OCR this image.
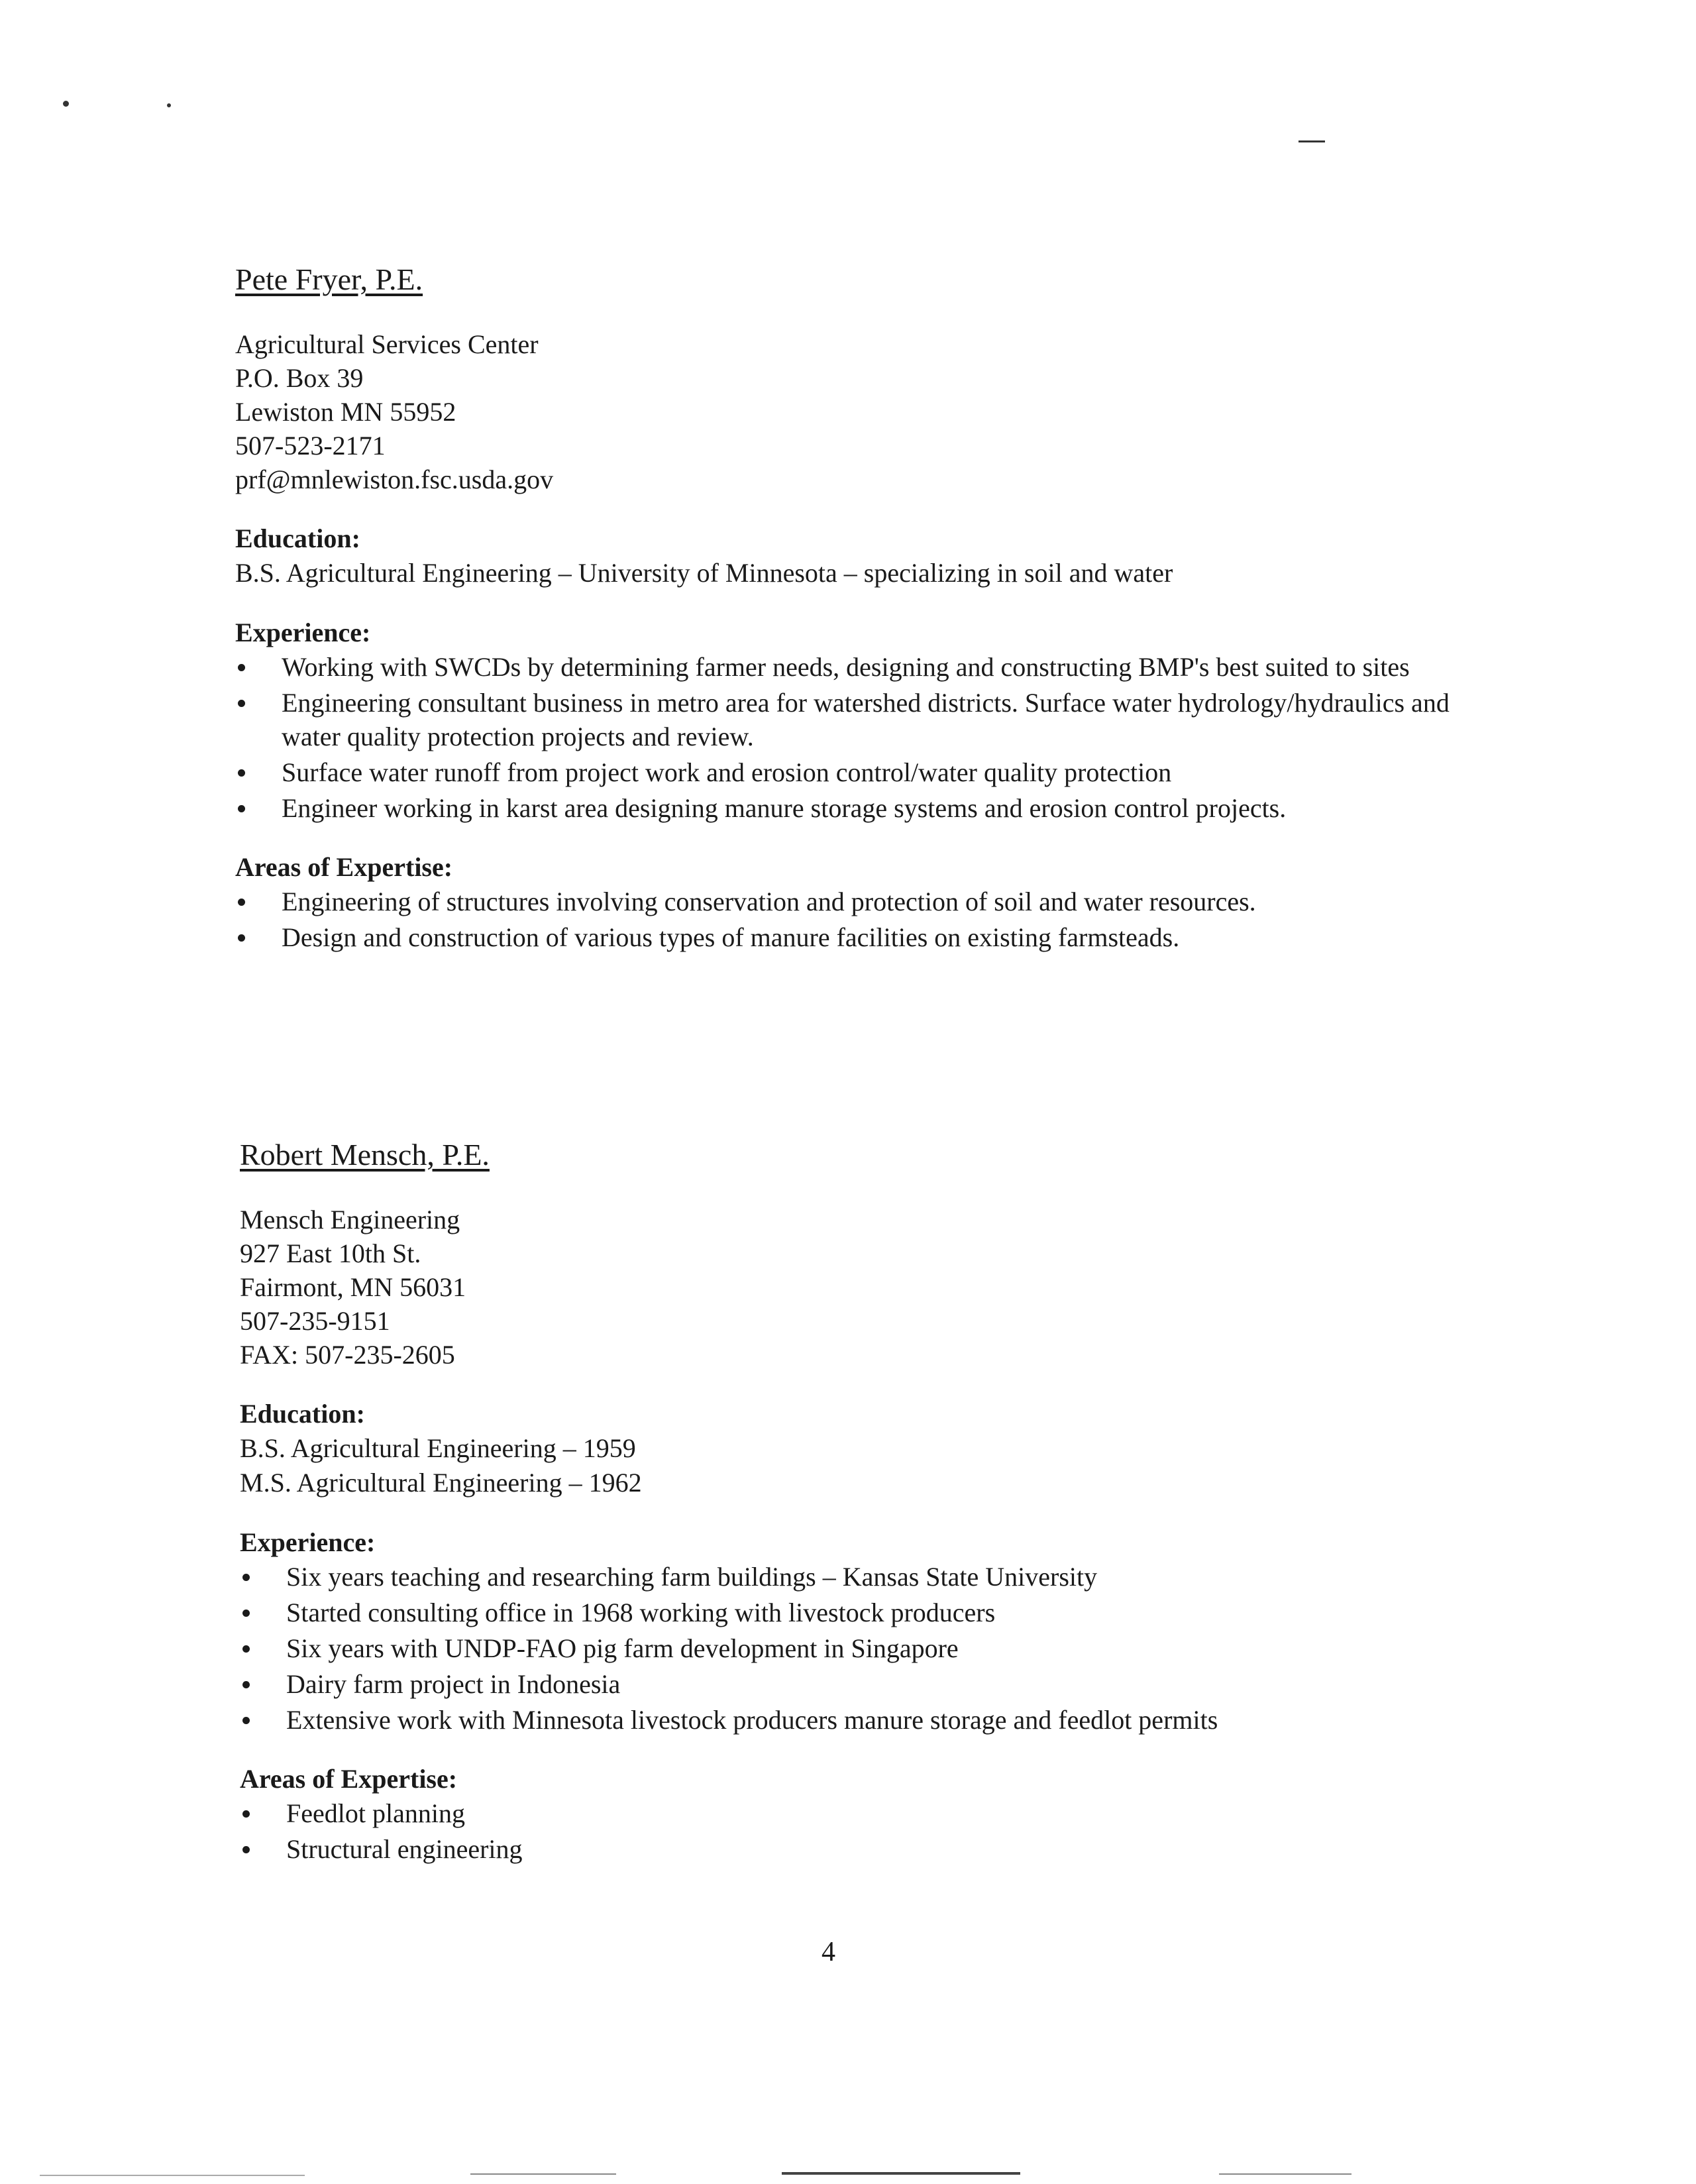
Pete Fryer, P.E.

Agricultural Services Center

P.O. Box 39

Lewiston MN 55952

507-523-2171

prf@mnlewiston.fsc.usda.gov

Education:

B.S. Agricultural Engineering – University of Minnesota – specializing in soil and water

Experience:

Working with SWCDs by determining farmer needs, designing and constructing BMP's best suited to sites
Engineering consultant business in metro area for watershed districts. Surface water hydrology/hydraulics and water quality protection projects and review.
Surface water runoff from project work and erosion control/water quality protection
Engineer working in karst area designing manure storage systems and erosion control projects.

Areas of Expertise:

Engineering of structures involving conservation and protection of soil and water resources.
Design and construction of various types of manure facilities on existing farmsteads.
Robert Mensch, P.E.

Mensch Engineering

927 East 10th St.

Fairmont, MN 56031

507-235-9151

FAX: 507-235-2605

Education:

B.S. Agricultural Engineering – 1959

M.S. Agricultural Engineering – 1962

Experience:

Six years teaching and researching farm buildings – Kansas State University
Started consulting office in 1968 working with livestock producers
Six years with UNDP-FAO pig farm development in Singapore
Dairy farm project in Indonesia
Extensive work with Minnesota livestock producers manure storage and feedlot permits

Areas of Expertise:

Feedlot planning
Structural engineering
4
